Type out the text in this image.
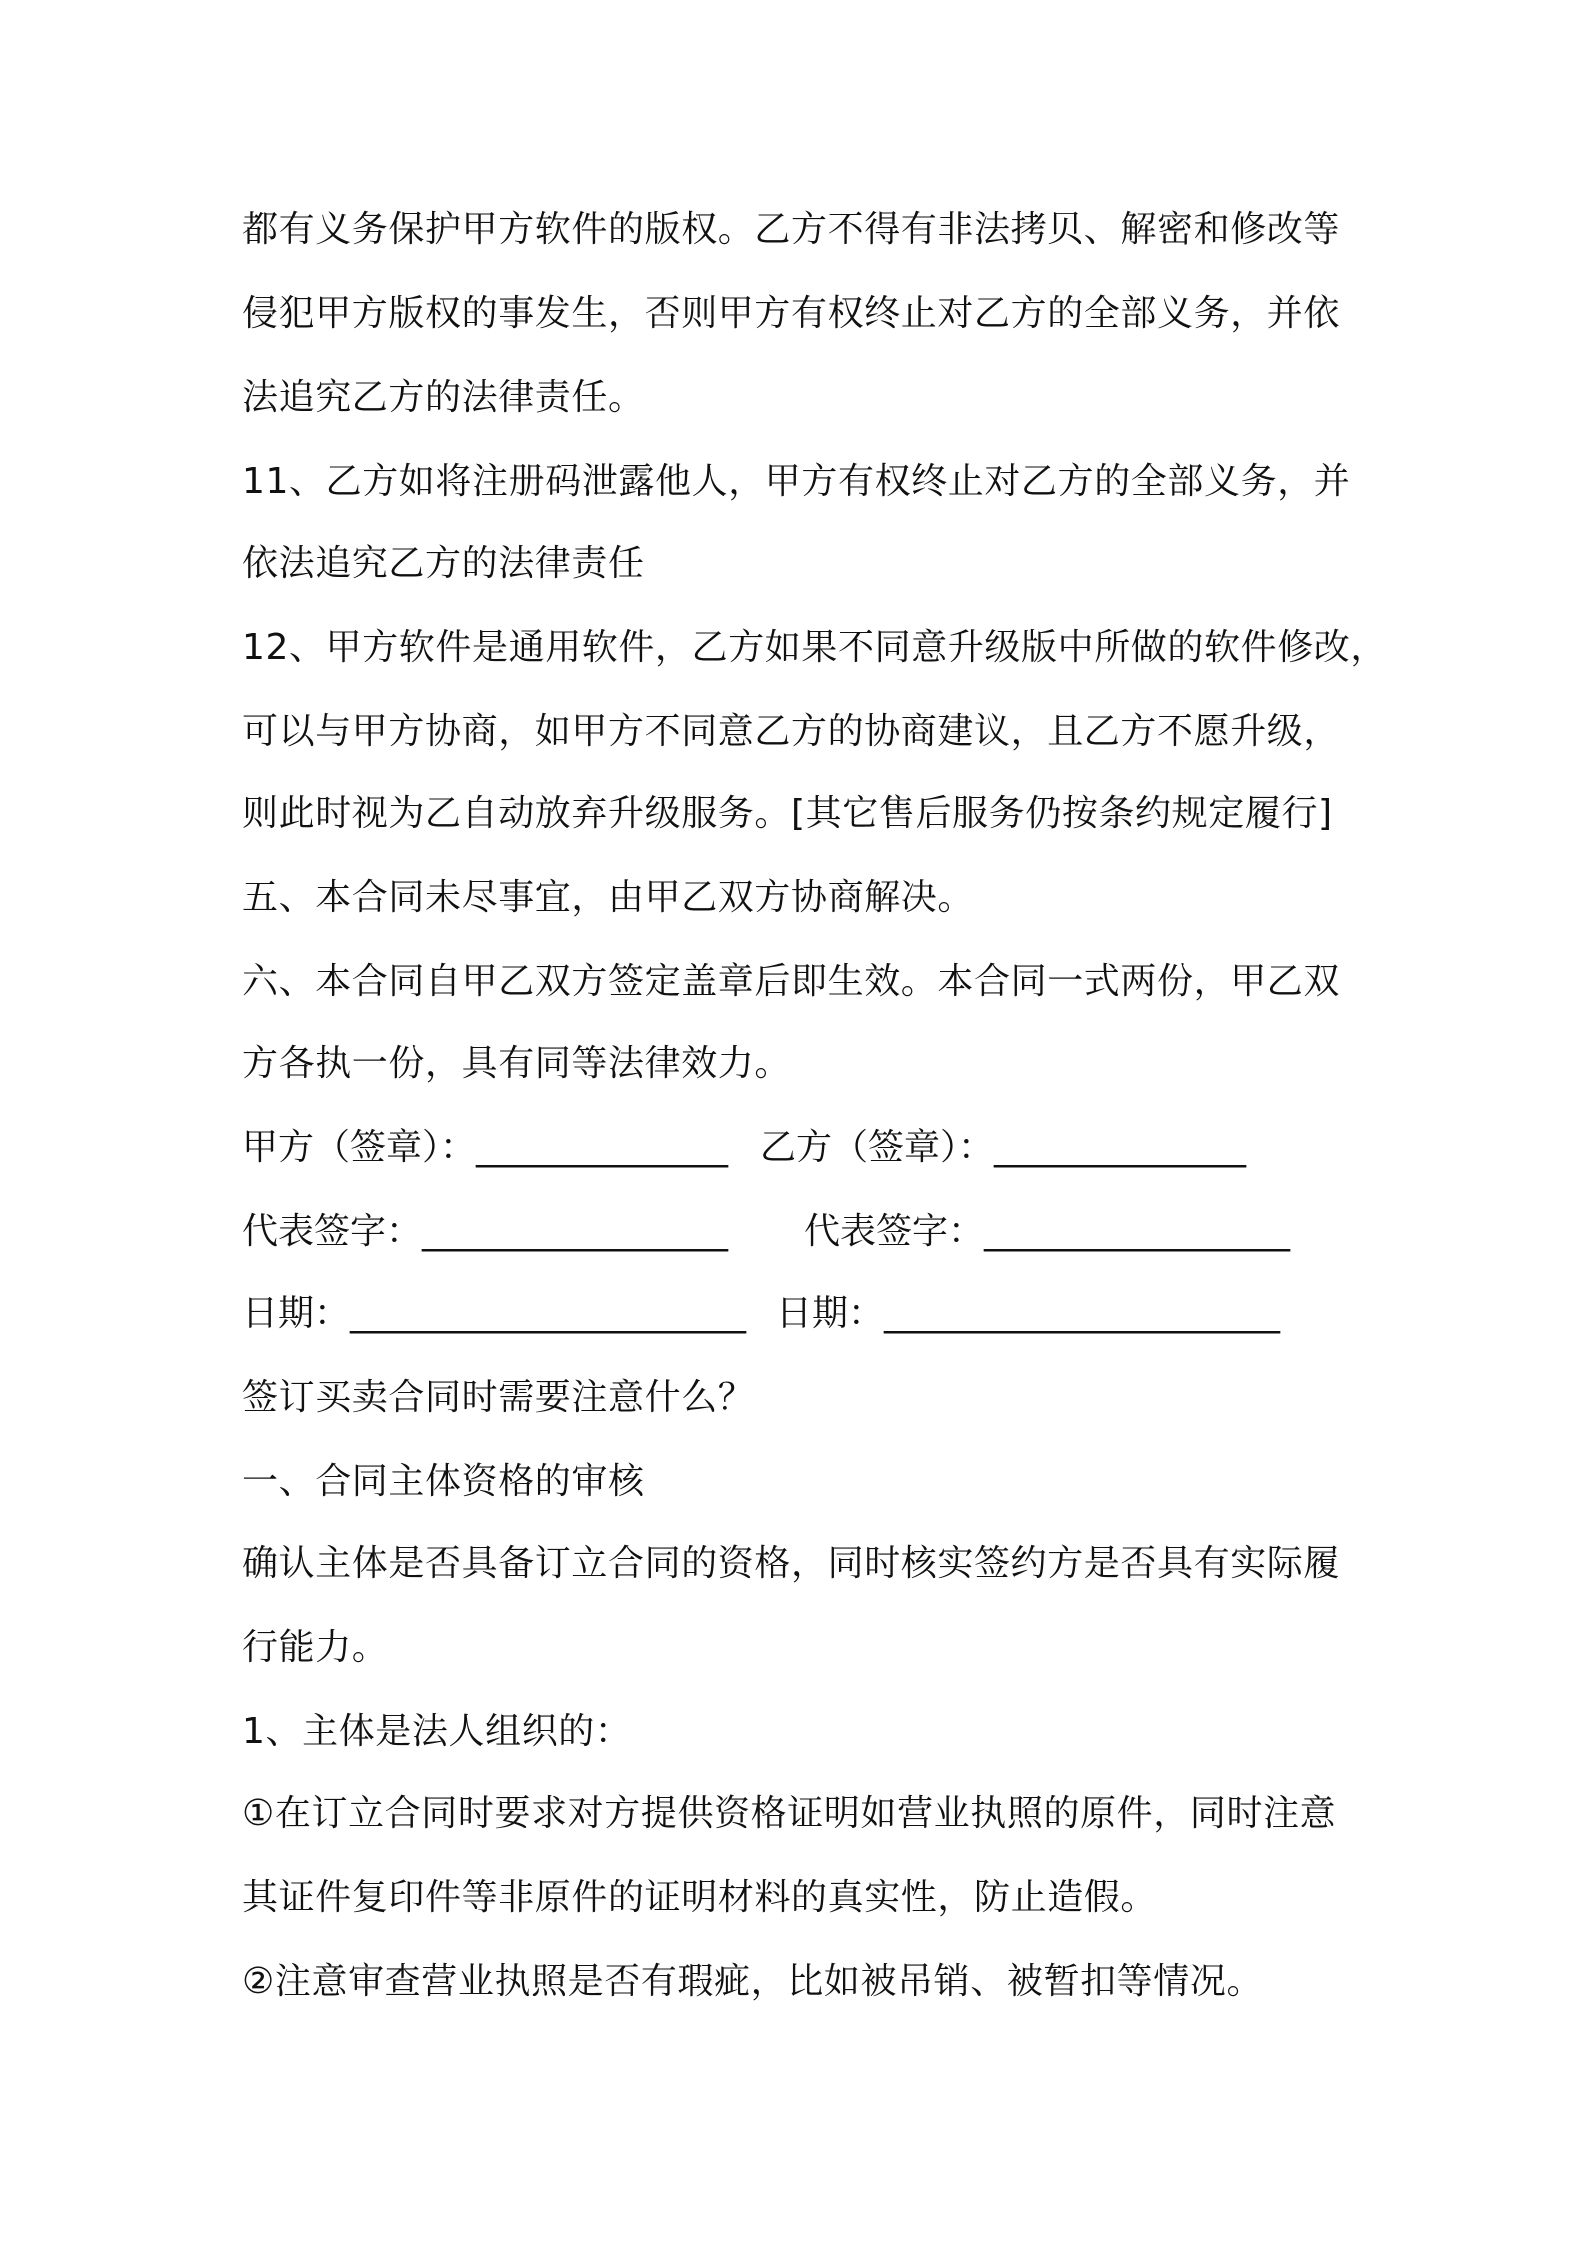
都有义务保护甲方软件的版权。乙方不得有非法拷贝、解密和修改等
侵犯甲方版权的事发生，否则甲方有权终止对乙方的全部义务，并依
法追究乙方的法律责任。
11、乙方如将注册码泄露他人，甲方有权终止对乙方的全部义务，并
依法追究乙方的法律责任
12、甲方软件是通用软件，乙方如果不同意升级版中所做的软件修改，
可以与甲方协商，如甲方不同意乙方的协商建议，且乙方不愿升级，
则此时视为乙自动放弃升级服务。[其它售后服务仍按条约规定履行]
五、本合同未尽事宜，由甲乙双方协商解决。
六、本合同自甲乙双方签定盖章后即生效。本合同一式两份，甲乙双
方各执一份，具有同等法律效力。
甲方（签章）：______________ 乙方（签章）：______________
代表签字：_________________ 代表签字：_________________
日期：______________________ 日期：______________________
签订买卖合同时需要注意什么？
一、合同主体资格的审核
确认主体是否具备订立合同的资格，同时核实签约方是否具有实际履
行能力。
1、主体是法人组织的：
①在订立合同时要求对方提供资格证明如营业执照的原件，同时注意
其证件复印件等非原件的证明材料的真实性，防止造假。
②注意审查营业执照是否有瑕疵，比如被吊销、被暂扣等情况。
